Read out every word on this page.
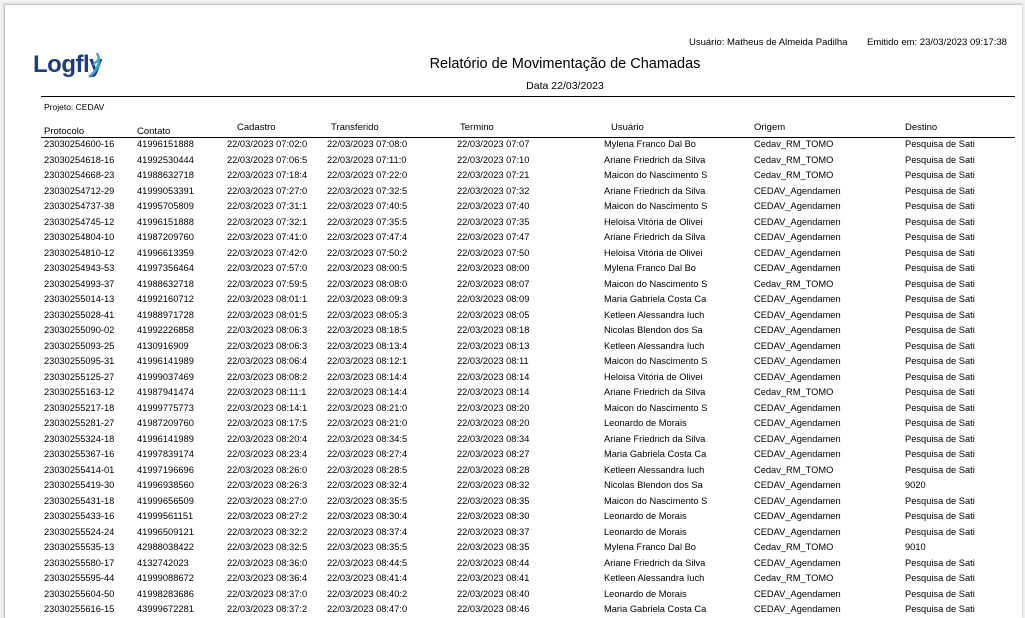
Usuário: Matheus de Almeida Padilha Emitido em: 23/03/2023 09:17:38
Logfly	Relatório de Movimentação de Chamadas
Data 22/03/2023
Projeto: CEDAV
Protocolo	Contato	Cadastro	Transferido	Termino	Usuário	Origem	Destino
23030254600-16 41996151888	22/03/2023 07:02:0 22/03/2023 07:08:0	22/03/2023 07:07	Mylena Franco Dal Bo	Cedav_RM_TOMO	Pesquisa de Sati
23030254618-16 41992530444	22/03/2023 07:06:5 22/03/2023 07:11:0	22/03/2023 07:10	Ariane Friedrich da Silva	Cedav_RM_TOMO	Pesquisa de Sati
23030254668-23 41988632718	22/03/2023 07:18:4 22/03/2023 07:22:0	22/03/2023 07:21	Maicon do Nascimento S	Cedav_RM_TOMO	Pesquisa de Sati
23030254712-29 41999053391	22/03/2023 07:27:0 22/03/2023 07:32:5	22/03/2023 07:32	Ariane Friedrich da Silva	CEDAV_Agendamen	Pesquisa de Sati
23030254737-38 41995705809	22/03/2023 07:31:1 22/03/2023 07:40:5	22/03/2023 07:40	Maicon do Nascimento S	CEDAV_Agendamen	Pesquisa de Sati
23030254745-12 41996151888	22/03/2023 07:32:1 22/03/2023 07:35:5	22/03/2023 07:35	Heloisa Vitória de Olivei	CEDAV_Agendamen	Pesquisa de Sati
23030254804-10 41987209760	22/03/2023 07:41:0 22/03/2023 07:47:4	22/03/2023 07:47	Ariane Friedrich da Silva	CEDAV_Agendamen	Pesquisa de Sati
23030254810-12 41996613359	22/03/2023 07:42:0 22/03/2023 07:50:2	22/03/2023 07:50	Heloisa Vitória de Olivei	CEDAV_Agendamen	Pesquisa de Sati
23030254943-53 41997356464	22/03/2023 07:57:0 22/03/2023 08:00:5	22/03/2023 08:00	Mylena Franco Dal Bo	CEDAV_Agendamen	Pesquisa de Sati
23030254993-37 41988632718	22/03/2023 07:59:5 22/03/2023 08:08:0	22/03/2023 08:07	Maicon do Nascimento S	Cedav_RM_TOMO	Pesquisa de Sati
23030255014-13 41992160712	22/03/2023 08:01:1 22/03/2023 08:09:3	22/03/2023 08:09	Maria Gabriela Costa Ca	CEDAV_Agendamen	Pesquisa de Sati
23030255028-41 41988971728	22/03/2023 08:01:5 22/03/2023 08:05:3	22/03/2023 08:05	Ketleen Alessandra Iuch	CEDAV_Agendamen	Pesquisa de Sati
23030255090-02 41992226858	22/03/2023 08:06:3 22/03/2023 08:18:5	22/03/2023 08:18	Nicolas Blendon dos Sa	CEDAV_Agendamen	Pesquisa de Sati
23030255093-25 4130916909	22/03/2023 08:06:3 22/03/2023 08:13:4	22/03/2023 08:13	Ketleen Alessandra Iuch	CEDAV_Agendamen	Pesquisa de Sati
23030255095-31 41996141989	22/03/2023 08:06:4 22/03/2023 08:12:1	22/03/2023 08:11	Maicon do Nascimento S	CEDAV_Agendamen	Pesquisa de Sati
23030255125-27 41999037469	22/03/2023 08:08:2 22/03/2023 08:14:4	22/03/2023 08:14	Heloisa Vitória de Olivei	CEDAV_Agendamen	Pesquisa de Sati
23030255163-12 41987941474	22/03/2023 08:11:1 22/03/2023 08:14:4	22/03/2023 08:14	Ariane Friedrich da Silva	Cedav_RM_TOMO	Pesquisa de Sati
23030255217-18 41999775773	22/03/2023 08:14:1 22/03/2023 08:21:0	22/03/2023 08:20	Maicon do Nascimento S	CEDAV_Agendamen	Pesquisa de Sati
23030255281-27 41987209760	22/03/2023 08:17:5 22/03/2023 08:21:0	22/03/2023 08:20	Leonardo de Morais	CEDAV_Agendamen	Pesquisa de Sati
23030255324-18 41996141989	22/03/2023 08:20:4 22/03/2023 08:34:5	22/03/2023 08:34	Ariane Friedrich da Silva	CEDAV_Agendamen	Pesquisa de Sati
23030255367-16 41997839174	22/03/2023 08:23:4 22/03/2023 08:27:4	22/03/2023 08:27	Maria Gabriela Costa Ca	CEDAV_Agendamen	Pesquisa de Sati
23030255414-01 41997196696	22/03/2023 08:26:0 22/03/2023 08:28:5	22/03/2023 08:28	Ketleen Alessandra Iuch	Cedav_RM_TOMO	Pesquisa de Sati
23030255419-30 41996938560	22/03/2023 08:26:3 22/03/2023 08:32:4	22/03/2023 08:32	Nicolas Blendon dos Sa	CEDAV_Agendamen	9020
23030255431-18 41999656509	22/03/2023 08:27:0 22/03/2023 08:35:5	22/03/2023 08:35	Maicon do Nascimento S	CEDAV_Agendamen	Pesquisa de Sati
23030255433-16 41999561151	22/03/2023 08:27:2 22/03/2023 08:30:4	22/03/2023 08:30	Leonardo de Morais	CEDAV_Agendamen	Pesquisa de Sati
23030255524-24 41996509121	22/03/2023 08:32:2 22/03/2023 08:37:4	22/03/2023 08:37	Leonardo de Morais	CEDAV_Agendamen	Pesquisa de Sati
23030255535-13 42988038422	22/03/2023 08:32:5 22/03/2023 08:35:5	22/03/2023 08:35	Mylena Franco Dal Bo	Cedav_RM_TOMO	9010
23030255580-17 4132742023	22/03/2023 08:36:0 22/03/2023 08:44:5	22/03/2023 08:44	Ariane Friedrich da Silva	CEDAV_Agendamen	Pesquisa de Sati
23030255595-44 41999088672	22/03/2023 08:36:4 22/03/2023 08:41:4	22/03/2023 08:41	Ketleen Alessandra Iuch	Cedav_RM_TOMO	Pesquisa de Sati
23030255604-50 41998283686	22/03/2023 08:37:0 22/03/2023 08:40:2	22/03/2023 08:40	Leonardo de Morais	CEDAV_Agendamen	Pesquisa de Sati
23030255616-15 43999672281	22/03/2023 08:37:2 22/03/2023 08:47:0	22/03/2023 08:46	Maria Gabriela Costa Ca	CEDAV_Agendamen	Pesquisa de Sati
